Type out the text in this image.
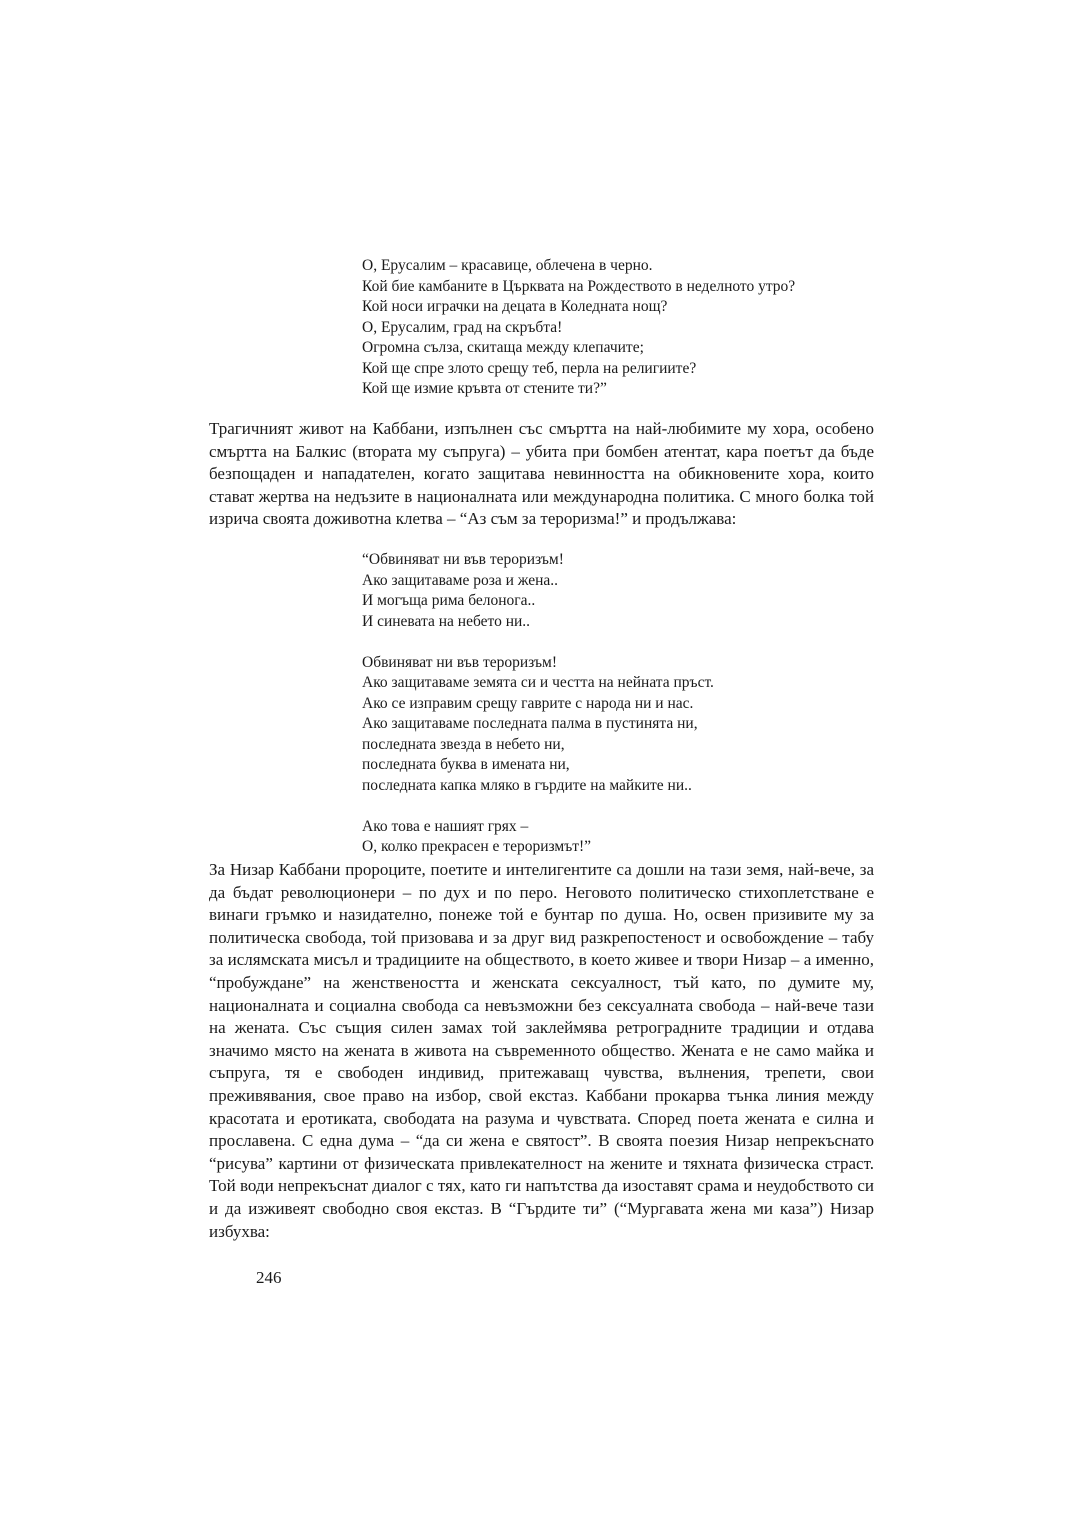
О, Ерусалим – красавице, облечена в черно.
Кой бие камбаните в Църквата на Рождеството в неделното утро?
Кой носи играчки на децата в Коледната нощ?
О, Ерусалим, град на скръбта!
Огромна сълза, скитаща между клепачите;
Кой ще спре злото срещу теб, перла на религиите?
Кой ще измие кръвта от стените ти?”

Трагичният живот на Каббани, изпълнен със смъртта на най-любимите му хора, особено смъртта на Балкис (втората му съпруга) – убита при бомбен атентат, кара поетът да бъде безпощаден и нападателен, когато защитава невинността на обикновените хора, които стават жертва на недъзите в националната или международна политика. С много болка той изрича своята доживотна клетва – “Аз съм за тероризма!” и продължава:

“Обвиняват ни във тероризъм!
Ако защитаваме роза и жена..
И могъща рима белонога..
И синевата на небето ни..
Обвиняват ни във тероризъм!
Ако защитаваме земята си и честта на нейната пръст.
Ако се изправим срещу гаврите с народа ни и нас.
Ако защитаваме последната палма в пустинята ни,
последната звезда в небето ни,
последната буква в имената ни,
последната капка мляко в гърдите на майките ни..
Ако това е нашият грях –
О, колко прекрасен е тероризмът!”

За Низар Каббани пророците, поетите и интелигентите са дошли на тази земя, най-вече, за да бъдат революционери – по дух и по перо. Неговото политическо стихоплетстване е винаги гръмко и назидателно, понеже той е бунтар по душа. Но, освен призивите му за политическа свобода, той призовава и за друг вид разкрепостеност и освобождение – табу за ислямската мисъл и традициите на обществото, в което живее и твори Низар – а именно, “пробуждане” на женствеността и женската сексуалност, тъй като, по думите му, националната и социална свобода са невъзможни без сексуалната свобода – най-вече тази на жената. Със същия силен замах той заклеймява ретроградните традиции и отдава значимо място на жената в живота на съвременното общество. Жената е не само майка и съпруга, тя е свободен индивид, притежаващ чувства, вълнения, трепети, свои преживявания, свое право на избор, свой екстаз. Каббани прокарва тънка линия между красотата и еротиката, свободата на разума и чувствата. Според поета жената е силна и прославена. С една дума – “да си жена е святост”. В своята поезия Низар непрекъснато “рисува” картини от физическата привлекателност на жените и тяхната физическа страст. Той води непрекъснат диалог с тях, като ги напътства да изоставят срама и неудобството си и да изживеят свободно своя екстаз. В “Гърдите ти” (“Мургавата жена ми каза”) Низар избухва:

246
